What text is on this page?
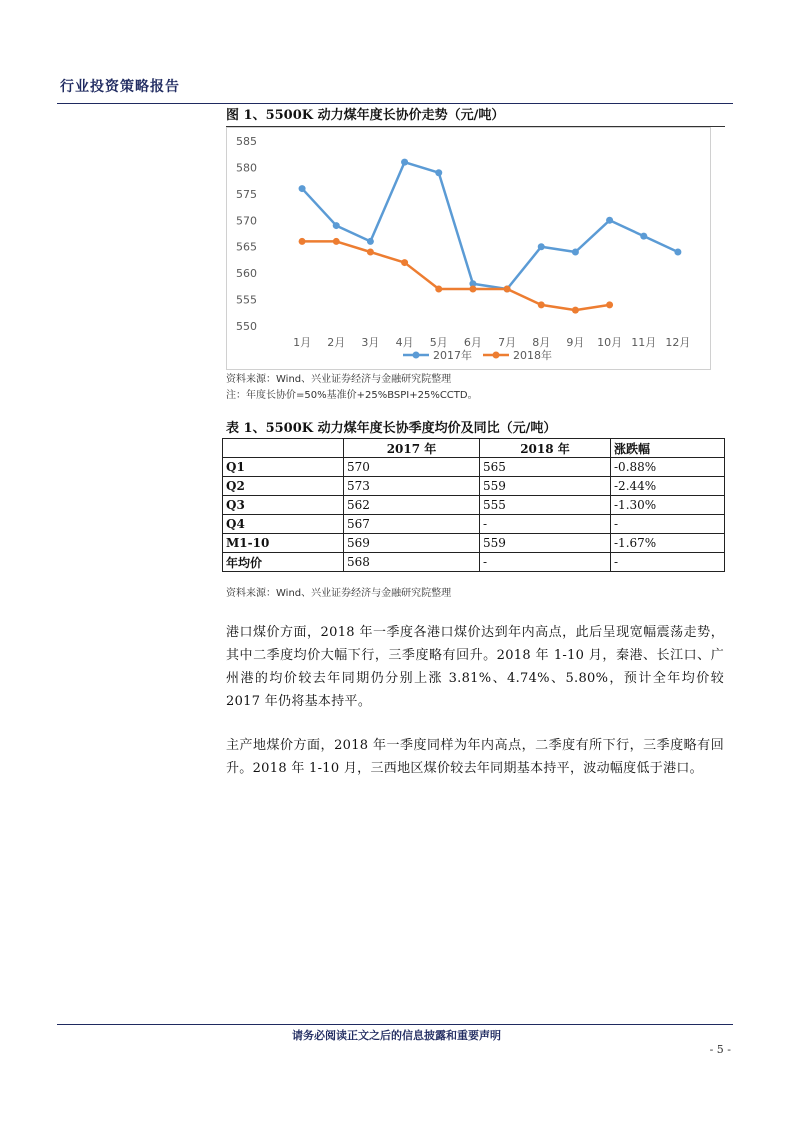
行业投资策略报告
图 1、5500K 动力煤年度长协价走势（元/吨）
550
555
560
565
570
575
580
585
1月 2月 3月 4月 5月 6月 7月 8月 9月 10月 11月 12月
2017年	2018年
资料来源：Wind、兴业证券经济与金融研究院整理
注：年度长协价=50%基准价+25%BSPI+25%CCTD。
表 1、5500K 动力煤年度长协季度均价及同比（元/吨）
	2017 年	2018 年	涨跌幅
Q1	570	565	-0.88%
Q2	573	559	-2.44%
Q3	562	555	-1.30%
Q4	567	-	-
M1-10	569	559	-1.67%
年均价	568	-	-
资料来源：Wind、兴业证券经济与金融研究院整理
港口煤价方面，2018 年一季度各港口煤价达到年内高点，此后呈现宽幅震荡走势，其中二季度均价大幅下行，三季度略有回升。2018 年 1-10 月，秦港、长江口、广州港的均价较去年同期仍分别上涨 3.81%、4.74%、5.80%，预计全年均价较 2017 年仍将基本持平。
主产地煤价方面，2018 年一季度同样为年内高点，二季度有所下行，三季度略有回升。2018 年 1-10 月，三西地区煤价较去年同期基本持平，波动幅度低于港口。
请务必阅读正文之后的信息披露和重要声明
- 5 -
